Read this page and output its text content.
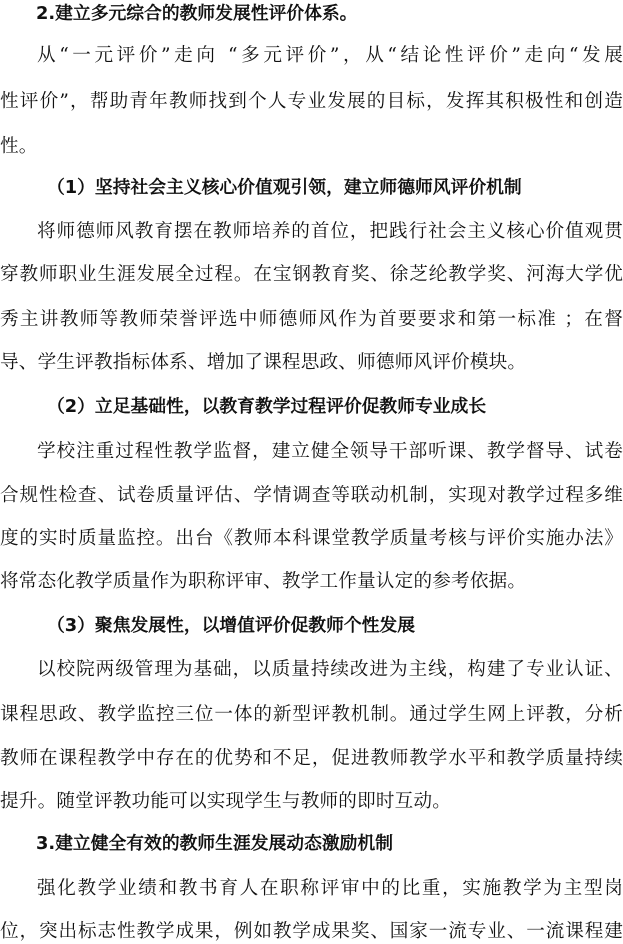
2.建立多元综合的教师发展性评价体系。
从“一元评价”走向 “多元评价”，从“结论性评价”走向“发展
性评价”，帮助青年教师找到个人专业发展的目标，发挥其积极性和创造
性。
（1）坚持社会主义核心价值观引领，建立师德师风评价机制
将师德师风教育摆在教师培养的首位，把践行社会主义核心价值观贯
穿教师职业生涯发展全过程。在宝钢教育奖、徐芝纶教学奖、河海大学优
秀主讲教师等教师荣誉评选中师德师风作为首要要求和第一标准 ；在督
导、学生评教指标体系、增加了课程思政、师德师风评价模块。
（2）立足基础性，以教育教学过程评价促教师专业成长
学校注重过程性教学监督，建立健全领导干部听课、教学督导、试卷
合规性检查、试卷质量评估、学情调查等联动机制，实现对教学过程多维
度的实时质量监控。出台《教师本科课堂教学质量考核与评价实施办法》
将常态化教学质量作为职称评审、教学工作量认定的参考依据。
（3）聚焦发展性，以增值评价促教师个性发展
以校院两级管理为基础，以质量持续改进为主线，构建了专业认证、
课程思政、教学监控三位一体的新型评教机制。通过学生网上评教，分析
教师在课程教学中存在的优势和不足，促进教师教学水平和教学质量持续
提升。随堂评教功能可以实现学生与教师的即时互动。
3.建立健全有效的教师生涯发展动态激励机制
强化教学业绩和教书育人在职称评审中的比重，实施教学为主型岗
位，突出标志性教学成果，例如教学成果奖、国家一流专业、一流课程建
